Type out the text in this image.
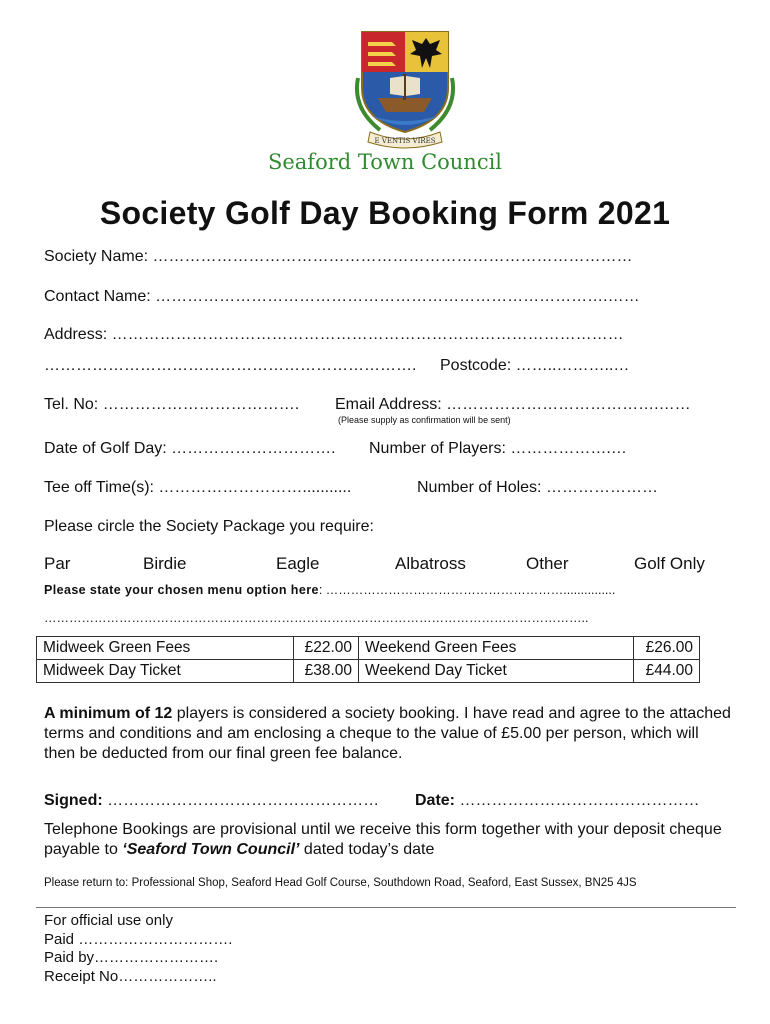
E VENTIS VIRES
Seaford Town Council
Society Golf Day Booking Form 2021
Society Name: ………………………………………………………………………………
Contact Name: ………………………………………………………………………….……
Address: ……………………………………………………………………………………
……………………………………………………………. Postcode: ……..………..…
Tel. No: ………………………………. Email Address: ………………………………….……
(Please supply as confirmation will be sent)
Date of Golf Day: …………………………. Number of Players: ……………….…
Tee off Time(s): ………………………...........	Number of Holes: …………………
Please circle the Society Package you require:
Par	Birdie	Eagle	Albatross	Other	Golf Only
Please state your chosen menu option here: …………………………………………………...............
…………………………………………………………………………………………………………………..
Midweek Green Fees	£22.00	Weekend Green Fees	£26.00
Midweek Day Ticket	£38.00	Weekend Day Ticket	£44.00
A minimum of 12 players is considered a society booking. I have read and agree to the attached terms and conditions and am enclosing a cheque to the value of £5.00 per person, which will then be deducted from our final green fee balance.
Signed: …………………………………………… Date: ………………………………………
Telephone Bookings are provisional until we receive this form together with your deposit cheque payable to ‘Seaford Town Council’ dated today’s date
Please return to: Professional Shop, Seaford Head Golf Course, Southdown Road, Seaford, East Sussex, BN25 4JS
For official use only
Paid ………………………….
Paid by…………………….
Receipt No………………..
